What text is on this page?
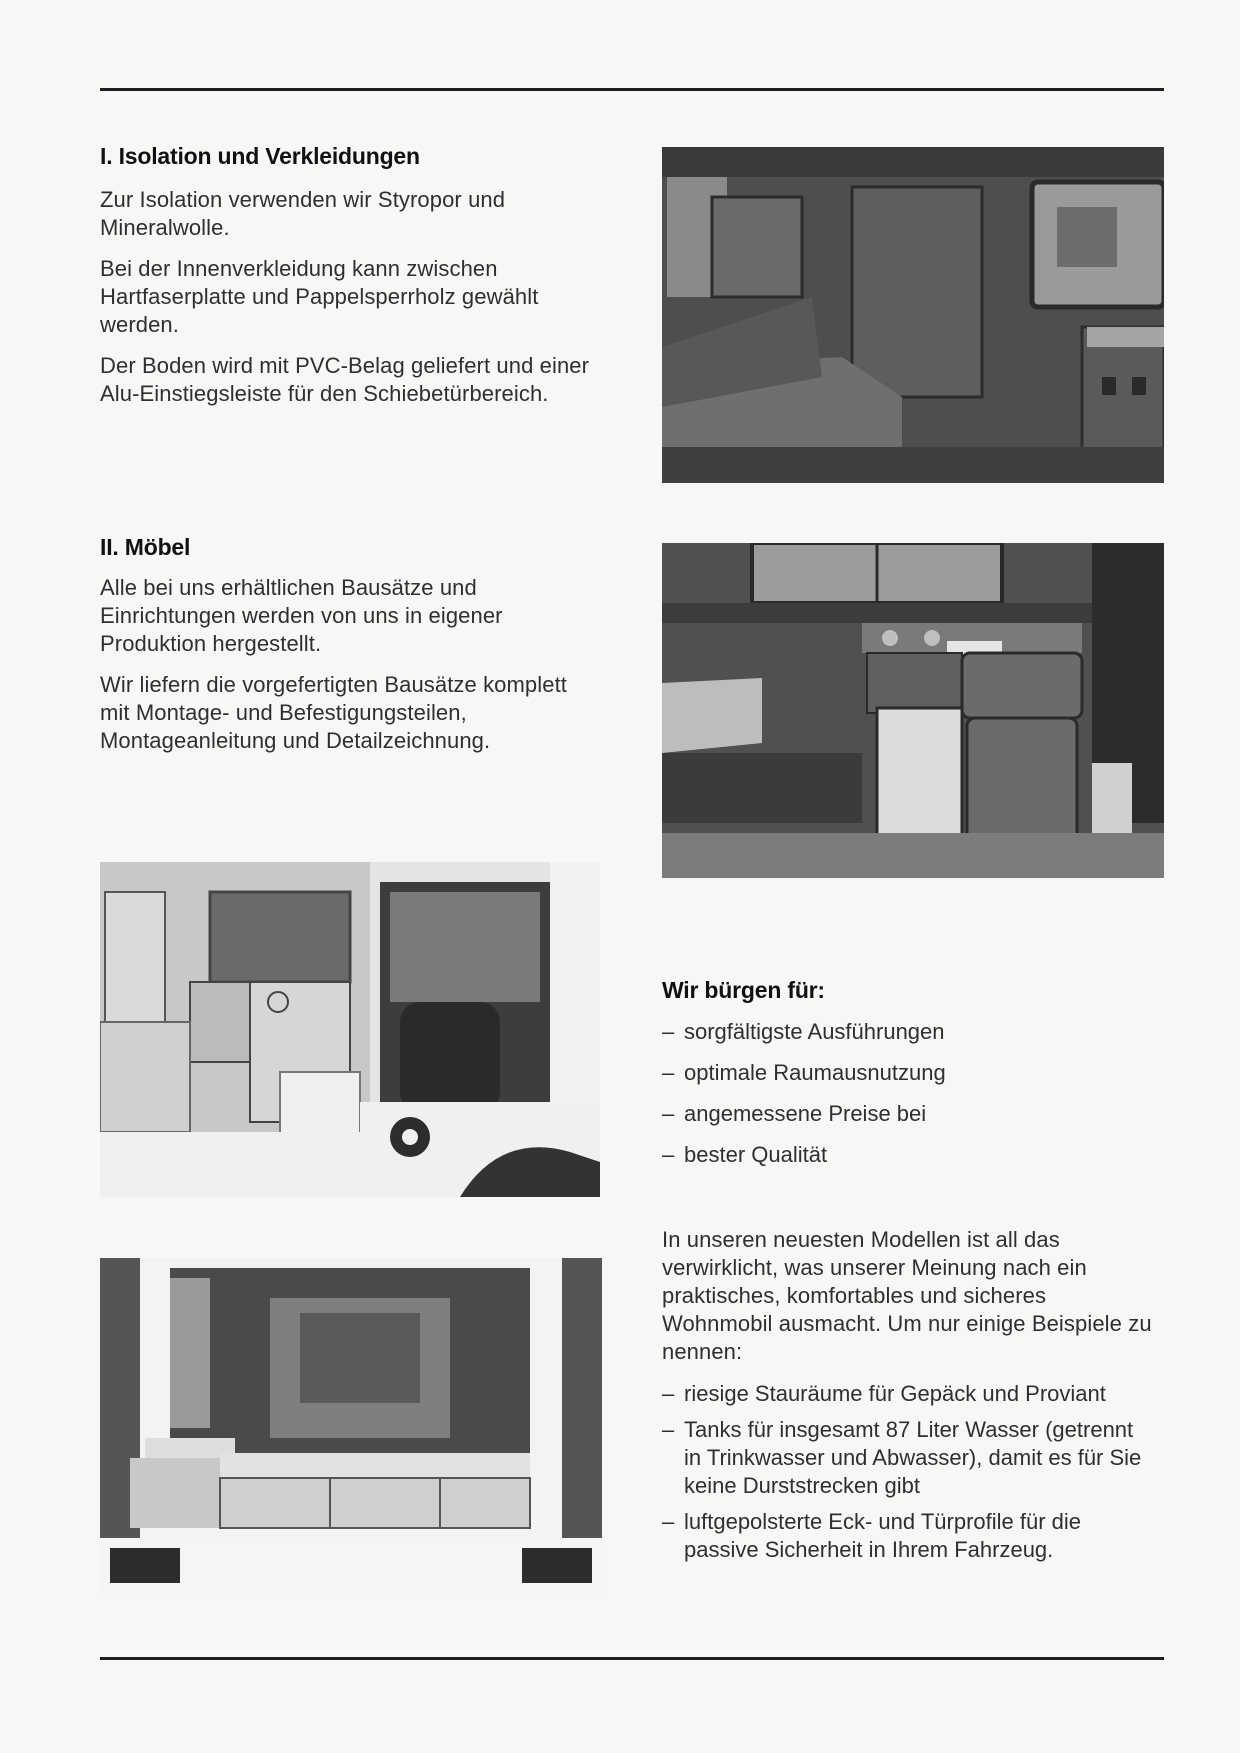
I. Isolation und Verkleidungen

Zur Isolation verwenden wir Styropor und Mineralwolle.

Bei der Innenverkleidung kann zwischen Hartfaserplatte und Pappelsperrholz gewählt werden.

Der Boden wird mit PVC-Belag geliefert und einer Alu-Einstiegsleiste für den Schiebetürbereich.

II. Möbel

Alle bei uns erhältlichen Bausätze und Einrichtungen werden von uns in eigener Produktion hergestellt.

Wir liefern die vorgefertigten Bausätze komplett mit Montage- und Befestigungsteilen, Montageanleitung und Detailzeichnung.

Wir bürgen für:
– sorgfältigste Ausführungen
– optimale Raumausnutzung
– angemessene Preise bei
– bester Qualität

In unseren neuesten Modellen ist all das verwirklicht, was unserer Meinung nach ein praktisches, komfortables und sicheres Wohnmobil ausmacht. Um nur einige Beispiele zu nennen:

– riesige Stauräume für Gepäck und Proviant
– Tanks für insgesamt 87 Liter Wasser (getrennt in Trinkwasser und Abwasser), damit es für Sie keine Durststrecken gibt
– luftgepolsterte Eck- und Türprofile für die passive Sicherheit in Ihrem Fahrzeug.
